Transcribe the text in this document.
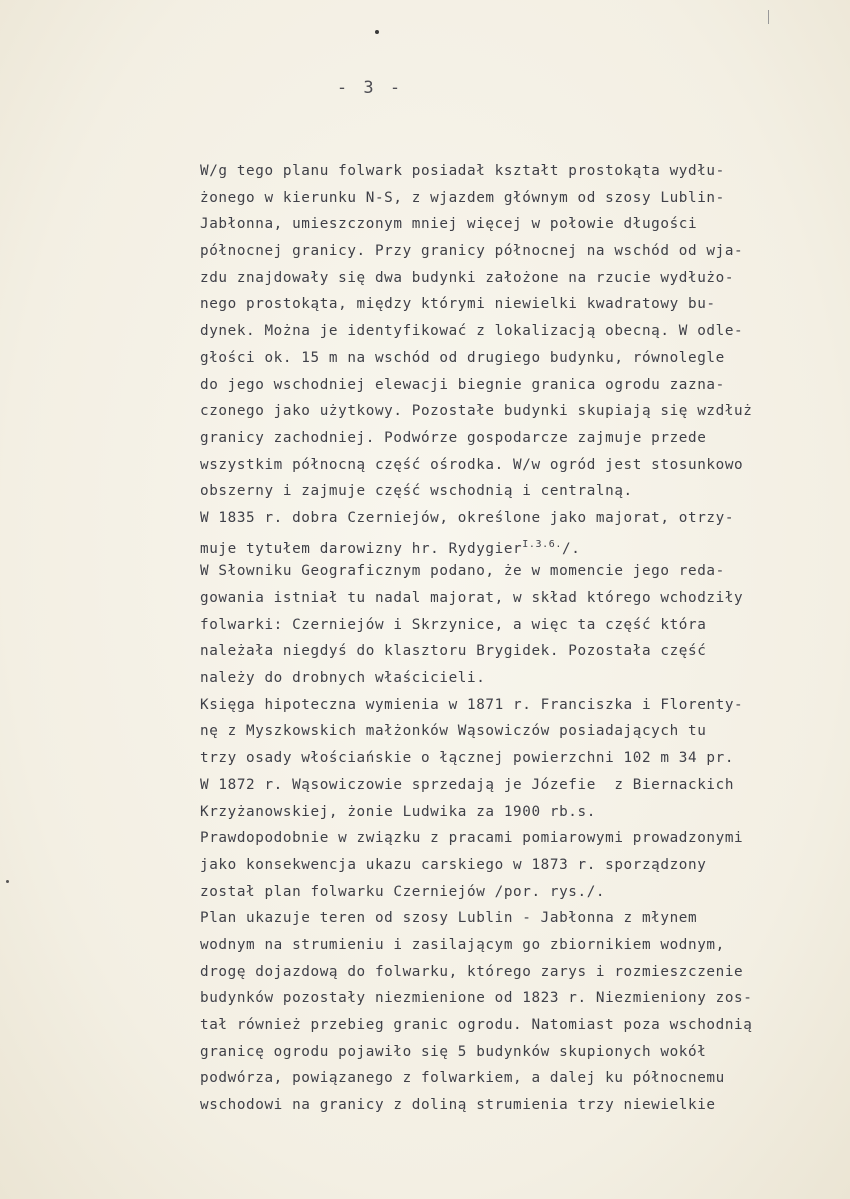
- 3 -
W/g tego planu folwark posiadał kształt prostokąta wydłu-
żonego w kierunku N-S, z wjazdem głównym od szosy Lublin-
Jabłonna, umieszczonym mniej więcej w połowie długości
północnej granicy. Przy granicy północnej na wschód od wja-
zdu znajdowały się dwa budynki założone na rzucie wydłużo-
nego prostokąta, między którymi niewielki kwadratowy bu-
dynek. Można je identyfikować z lokalizacją obecną. W odle-
głości ok. 15 m na wschód od drugiego budynku, równolegle
do jego wschodniej elewacji biegnie granica ogrodu zazna-
czonego jako użytkowy. Pozostałe budynki skupiają się wzdłuż
granicy zachodniej. Podwórze gospodarcze zajmuje przede
wszystkim północną część ośrodka. W/w ogród jest stosunkowo
obszerny i zajmuje część wschodnią i centralną.
W 1835 r. dobra Czerniejów, określone jako majorat, otrzy-
muje tytułem darowizny hr. Rydygier$^{I.3.6.}$/.
W Słowniku Geograficznym podano, że w momencie jego reda-
gowania istniał tu nadal majorat, w skład którego wchodziły
folwarki: Czerniejów i Skrzynice, a więc ta część która
należała niegdyś do klasztoru Brygidek. Pozostała część
należy do drobnych właścicieli.
Księga hipoteczna wymienia w 1871 r. Franciszka i Florenty-
nę z Myszkowskich małżonków Wąsowiczów posiadających tu
trzy osady włościańskie o łącznej powierzchni 102 m 34 pr.
W 1872 r. Wąsowiczowie sprzedają je Józefie  z Biernackich
Krzyżanowskiej, żonie Ludwika za 1900 rb.s.
Prawdopodobnie w związku z pracami pomiarowymi prowadzonymi
jako konsekwencja ukazu carskiego w 1873 r. sporządzony
został plan folwarku Czerniejów /por. rys./.
Plan ukazuje teren od szosy Lublin - Jabłonna z młynem
wodnym na strumieniu i zasilającym go zbiornikiem wodnym,
drogę dojazdową do folwarku, którego zarys i rozmieszczenie
budynków pozostały niezmienione od 1823 r. Niezmieniony zos-
tał również przebieg granic ogrodu. Natomiast poza wschodnią
granicę ogrodu pojawiło się 5 budynków skupionych wokół
podwórza, powiązanego z folwarkiem, a dalej ku północnemu
wschodowi na granicy z doliną strumienia trzy niewielkie
